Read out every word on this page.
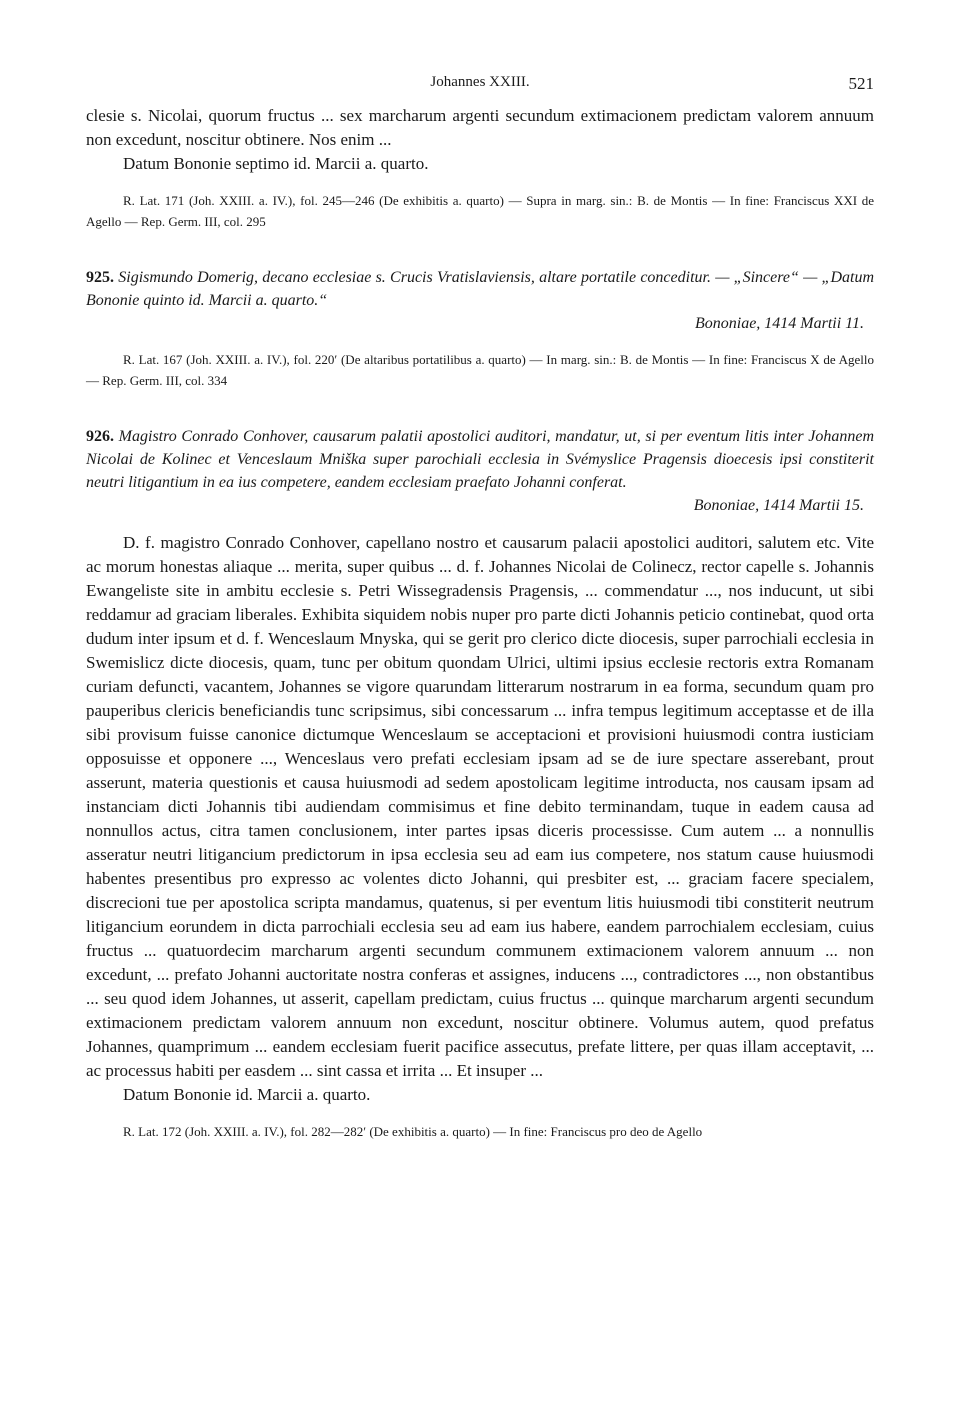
Johannes XXIII.	521

clesie s. Nicolai, quorum fructus ... sex marcharum argenti secundum extimacionem predictam valorem annuum non excedunt, noscitur obtinere. Nos enim ...

Datum Bononie septimo id. Marcii a. quarto.

R. Lat. 171 (Joh. XXIII. a. IV.), fol. 245—246 (De exhibitis a. quarto) — Supra in marg. sin.: B. de Montis — In fine: Franciscus XXI de Agello — Rep. Germ. III, col. 295

925. Sigismundo Domerig, decano ecclesiae s. Crucis Vratislaviensis, altare portatile conceditur. — „Sincere“ — „Datum Bononie quinto id. Marcii a. quarto.“

Bononiae, 1414 Martii 11.

R. Lat. 167 (Joh. XXIII. a. IV.), fol. 220′ (De altaribus portatilibus a. quarto) — In marg. sin.: B. de Montis — In fine: Franciscus X de Agello — Rep. Germ. III, col. 334

926. Magistro Conrado Conhover, causarum palatii apostolici auditori, mandatur, ut, si per eventum litis inter Johannem Nicolai de Kolinec et Venceslaum Mniška super parochiali ecclesia in Svémyslice Pragensis dioecesis ipsi constiterit neutri litigantium in ea ius competere, eandem ecclesiam praefato Johanni conferat.

Bononiae, 1414 Martii 15.

D. f. magistro Conrado Conhover, capellano nostro et causarum palacii apostolici auditori, salutem etc. Vite ac morum honestas aliaque ... merita, super quibus ... d. f. Johannes Nicolai de Colinecz, rector capelle s. Johannis Ewangeliste site in ambitu ecclesie s. Petri Wissegradensis Pragensis, ... commendatur ..., nos inducunt, ut sibi reddamur ad graciam liberales. Exhibita siquidem nobis nuper pro parte dicti Johannis peticio continebat, quod orta dudum inter ipsum et d. f. Wenceslaum Mnyska, qui se gerit pro clerico dicte diocesis, super parrochiali ecclesia in Swemislicz dicte diocesis, quam, tunc per obitum quondam Ulrici, ultimi ipsius ecclesie rectoris extra Romanam curiam defuncti, vacantem, Johannes se vigore quarundam litterarum nostrarum in ea forma, secundum quam pro pauperibus clericis beneficiandis tunc scripsimus, sibi concessarum ... infra tempus legitimum acceptasse et de illa sibi provisum fuisse canonice dictumque Wenceslaum se acceptacioni et provisioni huiusmodi contra iusticiam opposuisse et opponere ..., Wenceslaus vero prefati ecclesiam ipsam ad se de iure spectare asserebant, prout asserunt, materia questionis et causa huiusmodi ad sedem apostolicam legitime introducta, nos causam ipsam ad instanciam dicti Johannis tibi audiendam commisimus et fine debito terminandam, tuque in eadem causa ad nonnullos actus, citra tamen conclusionem, inter partes ipsas diceris processisse. Cum autem ... a nonnullis asseratur neutri litigancium predictorum in ipsa ecclesia seu ad eam ius competere, nos statum cause huiusmodi habentes presentibus pro expresso ac volentes dicto Johanni, qui presbiter est, ... graciam facere specialem, discrecioni tue per apostolica scripta mandamus, quatenus, si per eventum litis huiusmodi tibi constiterit neutrum litigancium eorundem in dicta parrochiali ecclesia seu ad eam ius habere, eandem parrochialem ecclesiam, cuius fructus ... quatuordecim marcharum argenti secundum communem extimacionem valorem annuum ... non excedunt, ... prefato Johanni auctoritate nostra conferas et assignes, inducens ..., contradictores ..., non obstantibus ... seu quod idem Johannes, ut asserit, capellam predictam, cuius fructus ... quinque marcharum argenti secundum extimacionem predictam valorem annuum non excedunt, noscitur obtinere. Volumus autem, quod prefatus Johannes, quamprimum ... eandem ecclesiam fuerit pacifice assecutus, prefate littere, per quas illam acceptavit, ... ac processus habiti per easdem ... sint cassa et irrita ... Et insuper ...

Datum Bononie id. Marcii a. quarto.

R. Lat. 172 (Joh. XXIII. a. IV.), fol. 282—282′ (De exhibitis a. quarto) — In fine: Franciscus pro deo de Agello
